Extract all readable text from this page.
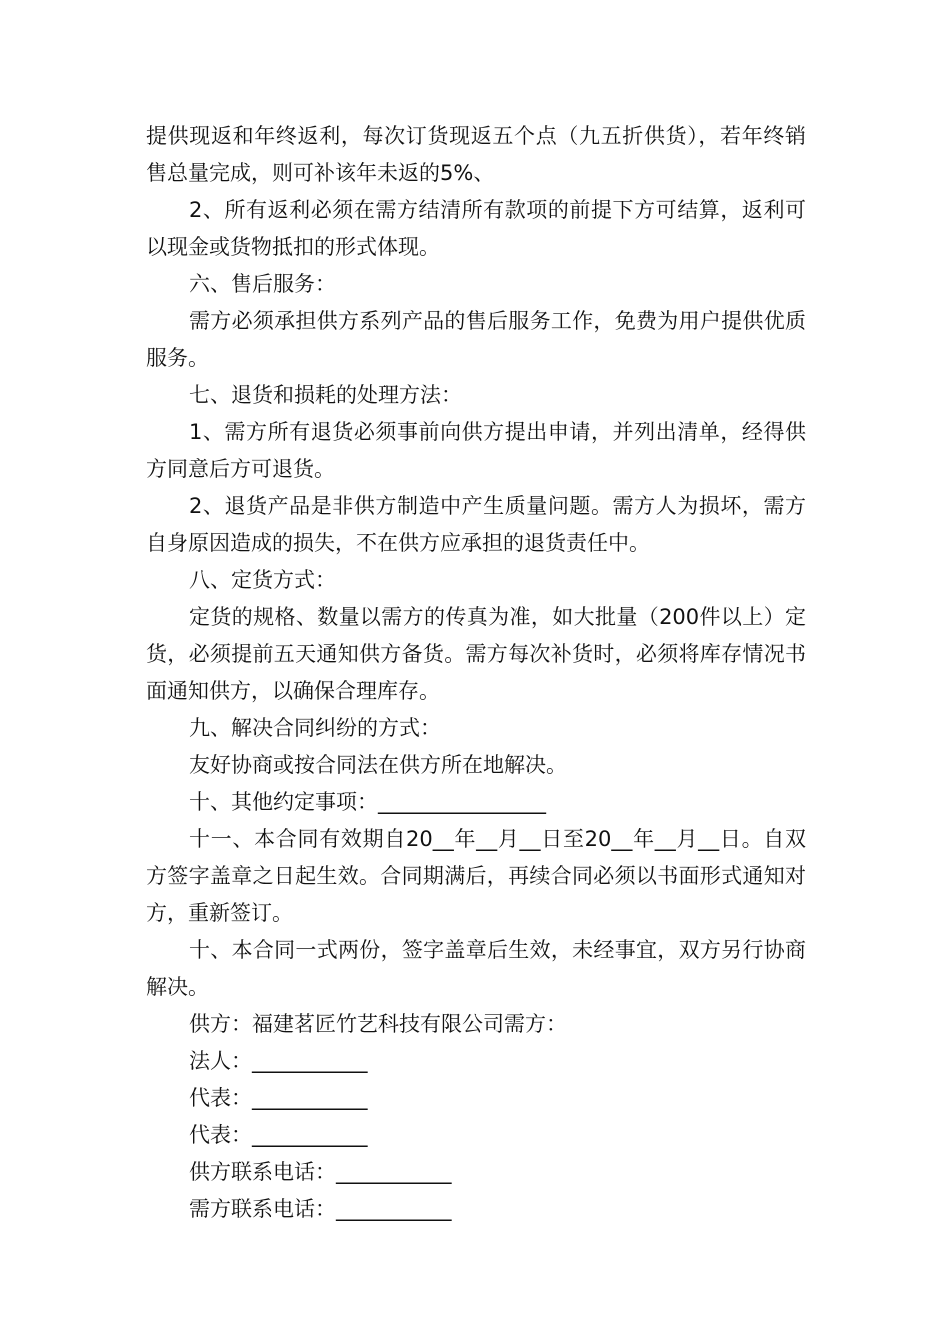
提供现返和年终返利，每次订货现返五个点（九五折供货），若年终销售总量完成，则可补该年未返的5%、

2、所有返利必须在需方结清所有款项的前提下方可结算，返利可以现金或货物抵扣的形式体现。

六、售后服务：

需方必须承担供方系列产品的售后服务工作，免费为用户提供优质服务。

七、退货和损耗的处理方法：

1、需方所有退货必须事前向供方提出申请，并列出清单，经得供方同意后方可退货。

2、退货产品是非供方制造中产生质量问题。需方人为损坏，需方自身原因造成的损失，不在供方应承担的退货责任中。

八、定货方式：

定货的规格、数量以需方的传真为准，如大批量（200件以上）定货，必须提前五天通知供方备货。需方每次补货时，必须将库存情况书面通知供方，以确保合理库存。

九、解决合同纠纷的方式：

友好协商或按合同法在供方所在地解决。

十、其他约定事项：________________

十一、本合同有效期自20__年__月__日至20__年__月__日。自双方签字盖章之日起生效。合同期满后，再续合同必须以书面形式通知对方，重新签订。

十、本合同一式两份，签字盖章后生效，未经事宜，双方另行协商解决。

供方：福建茗匠竹艺科技有限公司需方：

法人：___________

代表：___________

代表：___________

供方联系电话：___________

需方联系电话：___________
